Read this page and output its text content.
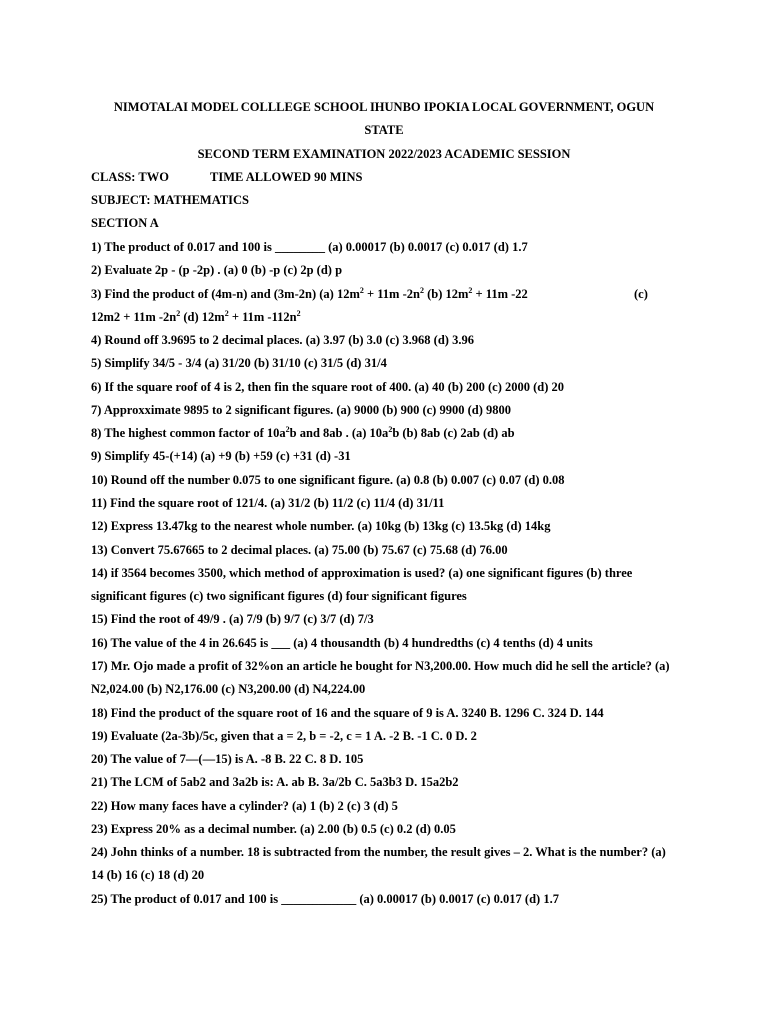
NIMOTALAI MODEL COLLLEGE SCHOOL IHUNBO IPOKIA LOCAL GOVERNMENT, OGUN
STATE
SECOND TERM EXAMINATION 2022/2023 ACADEMIC SESSION
CLASS: TWO	TIME ALLOWED 90 MINS
SUBJECT: MATHEMATICS
SECTION A
1) The product of 0.017 and 100 is ________ (a) 0.00017 (b) 0.0017 (c) 0.017 (d) 1.7
2) Evaluate 2p - (p -2p) . (a) 0 (b) -p (c) 2p (d) p
3) Find the product of (4m-n) and (3m-2n) (a) $12m^2 + 11m$ $-2n^2$ (b) $12m^2 + 11m$ -22	(c)
12m2 + 11m $-2n^2$ (d) $12m^2 + 11m$ $-112n^2$
4) Round off 3.9695 to 2 decimal places. (a) 3.97 (b) 3.0 (c) 3.968 (d) 3.96
5) Simplify 34/5 - 3/4 (a) 31/20 (b) 31/10 (c) 31/5 (d) 31/4
6) If the square roof of 4 is 2, then fin the square root of 400. (a) 40 (b) 200 (c) 2000 (d) 20
7) Approxximate 9895 to 2 significant figures. (a) 9000 (b) 900 (c) 9900 (d) 9800
8) The highest common factor of $10a^2b$ and 8ab . (a) $10a^2b$ (b) 8ab (c) 2ab (d) ab
9) Simplify 45-(+14) (a) +9 (b) +59 (c) +31 (d) -31
10) Round off the number 0.075 to one significant figure. (a) 0.8 (b) 0.007 (c) 0.07 (d) 0.08
11) Find the square root of 121/4. (a) 31/2 (b) 11/2 (c) 11/4 (d) 31/11
12) Express 13.47kg to the nearest whole number. (a) 10kg (b) 13kg (c) 13.5kg (d) 14kg
13) Convert 75.67665 to 2 decimal places. (a) 75.00 (b) 75.67 (c) 75.68 (d) 76.00
14) if 3564 becomes 3500, which method of approximation is used? (a) one significant figures (b) three
significant figures (c) two significant figures (d) four significant figures
15) Find the root of 49/9 . (a) 7/9 (b) 9/7 (c) 3/7 (d) 7/3
16) The value of the 4 in 26.645 is ___ (a) 4 thousandth (b) 4 hundredths (c) 4 tenths (d) 4 units
17) Mr. Ojo made a profit of 32%on an article he bought for N3,200.00. How much did he sell the article? (a)
N2,024.00 (b) N2,176.00 (c) N3,200.00 (d) N4,224.00
18) Find the product of the square root of 16 and the square of 9 is A. 3240 B. 1296 C. 324 D. 144
19) Evaluate (2a-3b)/5c, given that a = 2, b = -2, c = 1 A. -2 B. -1 C. 0 D. 2
20) The value of 7—(—15) is A. -8 B. 22 C. 8 D. 105
21) The LCM of 5ab2 and 3a2b is: A. ab B. 3a/2b C. 5a3b3 D. 15a2b2
22) How many faces have a cylinder? (a) 1 (b) 2 (c) 3 (d) 5
23) Express 20% as a decimal number. (a) 2.00 (b) 0.5 (c) 0.2 (d) 0.05
24) John thinks of a number. 18 is subtracted from the number, the result gives – 2. What is the number? (a)
14 (b) 16 (c) 18 (d) 20
25) The product of 0.017 and 100 is ____________ (a) 0.00017 (b) 0.0017 (c) 0.017 (d) 1.7
